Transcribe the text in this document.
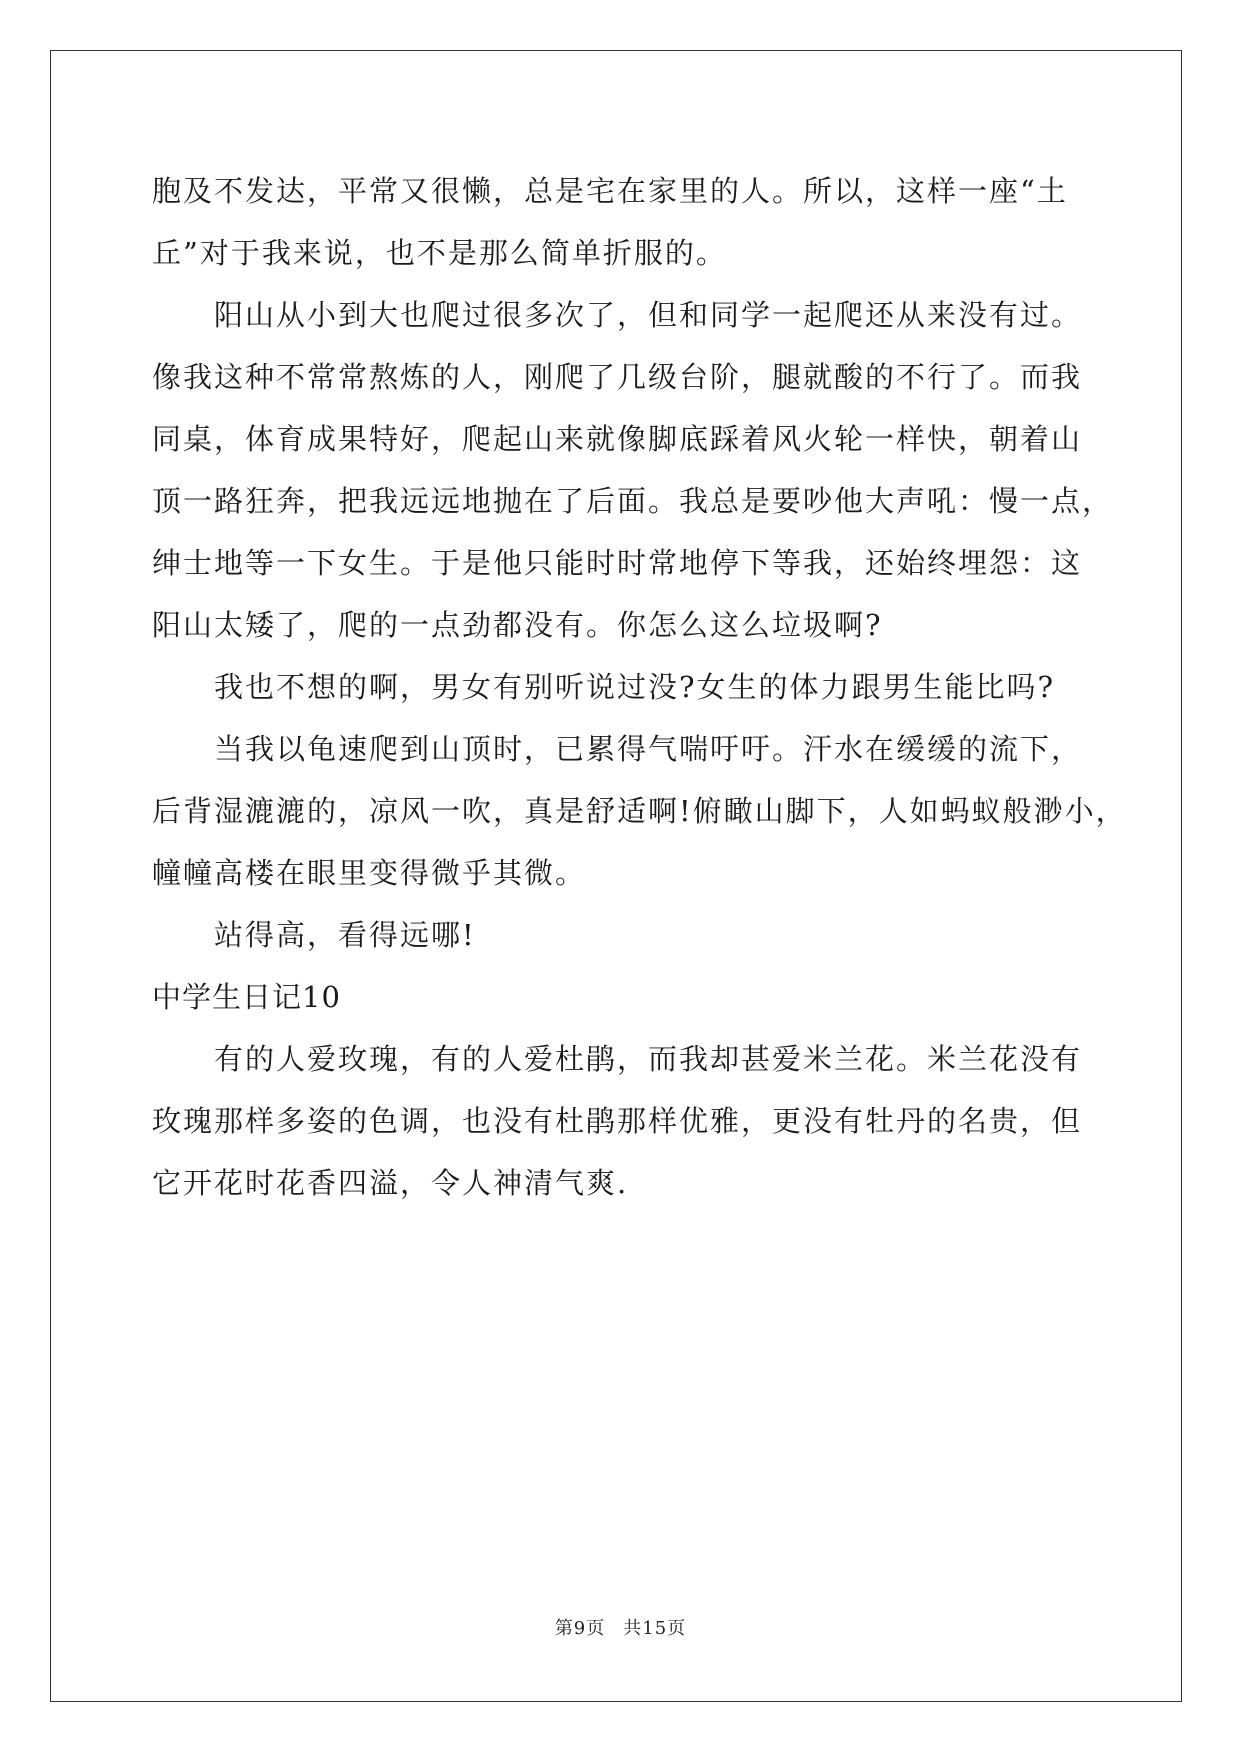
胞及不发达，平常又很懒，总是宅在家里的人。所以，这样一座“土
丘”对于我来说，也不是那么简单折服的。
阳山从小到大也爬过很多次了，但和同学一起爬还从来没有过。
像我这种不常常熬炼的人，刚爬了几级台阶，腿就酸的不行了。而我
同桌，体育成果特好，爬起山来就像脚底踩着风火轮一样快，朝着山
顶一路狂奔，把我远远地抛在了后面。我总是要吵他大声吼：慢一点，
绅士地等一下女生。于是他只能时时常地停下等我，还始终埋怨：这
阳山太矮了，爬的一点劲都没有。你怎么这么垃圾啊?
我也不想的啊，男女有别听说过没?女生的体力跟男生能比吗?
当我以龟速爬到山顶时，已累得气喘吁吁。汗水在缓缓的流下，
后背湿漉漉的，凉风一吹，真是舒适啊!俯瞰山脚下，人如蚂蚁般渺小，
幢幢高楼在眼里变得微乎其微。
站得高，看得远哪!
中学生日记10
有的人爱玫瑰，有的人爱杜鹃，而我却甚爱米兰花。米兰花没有
玫瑰那样多姿的色调，也没有杜鹃那样优雅，更没有牡丹的名贵，但
它开花时花香四溢，令人神清气爽.
第9页 共15页
